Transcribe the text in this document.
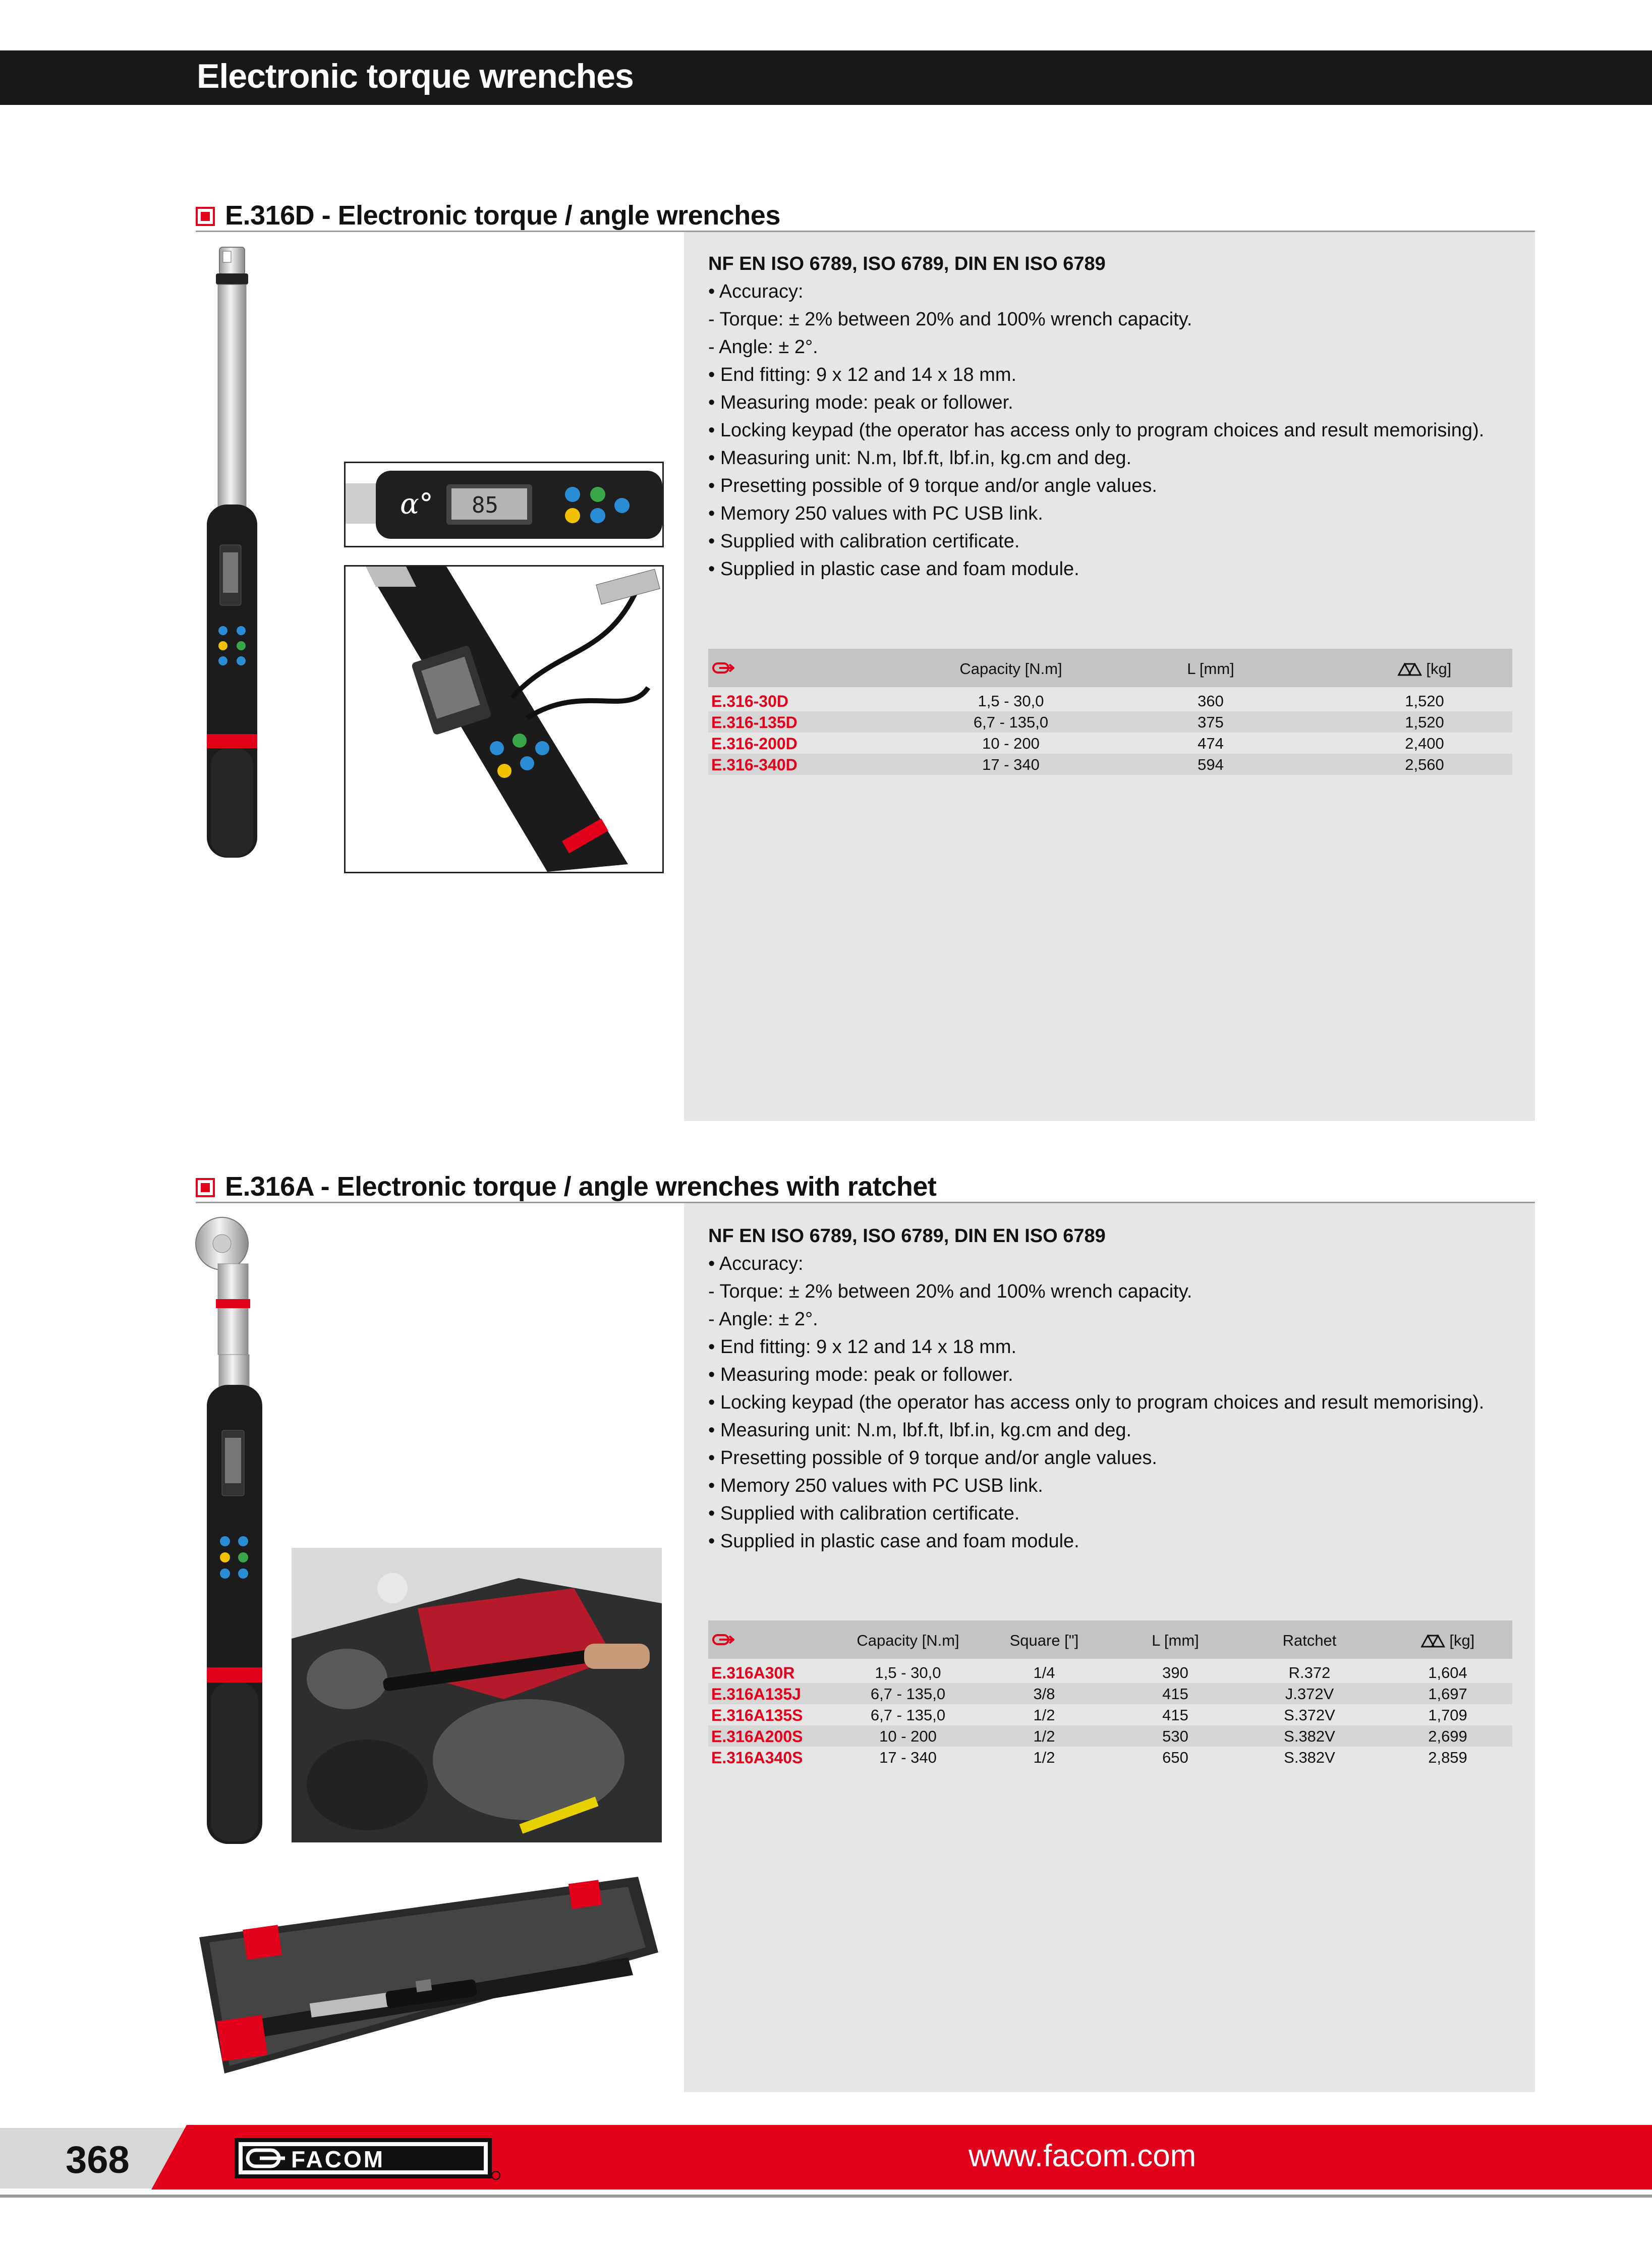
Electronic torque wrenches
E.316D - Electronic torque / angle wrenches
NF EN ISO 6789, ISO 6789, DIN EN ISO 6789
• Accuracy:
- Torque: ± 2% between 20% and 100% wrench capacity.
- Angle: ± 2°.
• End fitting: 9 x 12 and 14 x 18 mm.
• Measuring mode: peak or follower.
• Locking keypad (the operator has access only to program choices and result memorising).
• Measuring unit: N.m, lbf.ft, lbf.in, kg.cm and deg.
• Presetting possible of 9 torque and/or angle values.
• Memory 250 values with PC USB link.
• Supplied with calibration certificate.
• Supplied in plastic case and foam module.
Capacity [N.m]	L [mm]	[kg]
E.316-30D	1,5 - 30,0	360	1,520
E.316-135D	6,7 - 135,0	375	1,520
E.316-200D	10 - 200	474	2,400
E.316-340D	17 - 340	594	2,560
α° 85
E.316A - Electronic torque / angle wrenches with ratchet
NF EN ISO 6789, ISO 6789, DIN EN ISO 6789
• Accuracy:
- Torque: ± 2% between 20% and 100% wrench capacity.
- Angle: ± 2°.
• End fitting: 9 x 12 and 14 x 18 mm.
• Measuring mode: peak or follower.
• Locking keypad (the operator has access only to program choices and result memorising).
• Measuring unit: N.m, lbf.ft, lbf.in, kg.cm and deg.
• Presetting possible of 9 torque and/or angle values.
• Memory 250 values with PC USB link.
• Supplied with calibration certificate.
• Supplied in plastic case and foam module.
Capacity [N.m]	Square ["]	L [mm]	Ratchet	[kg]
E.316A30R	1,5 - 30,0	1/4	390	R.372	1,604
E.316A135J	6,7 - 135,0	3/8	415	J.372V	1,697
E.316A135S	6,7 - 135,0	1/2	415	S.372V	1,709
E.316A200S	10 - 200	1/2	530	S.382V	2,699
E.316A340S	17 - 340	1/2	650	S.382V	2,859
368	FACOM	www.facom.com
